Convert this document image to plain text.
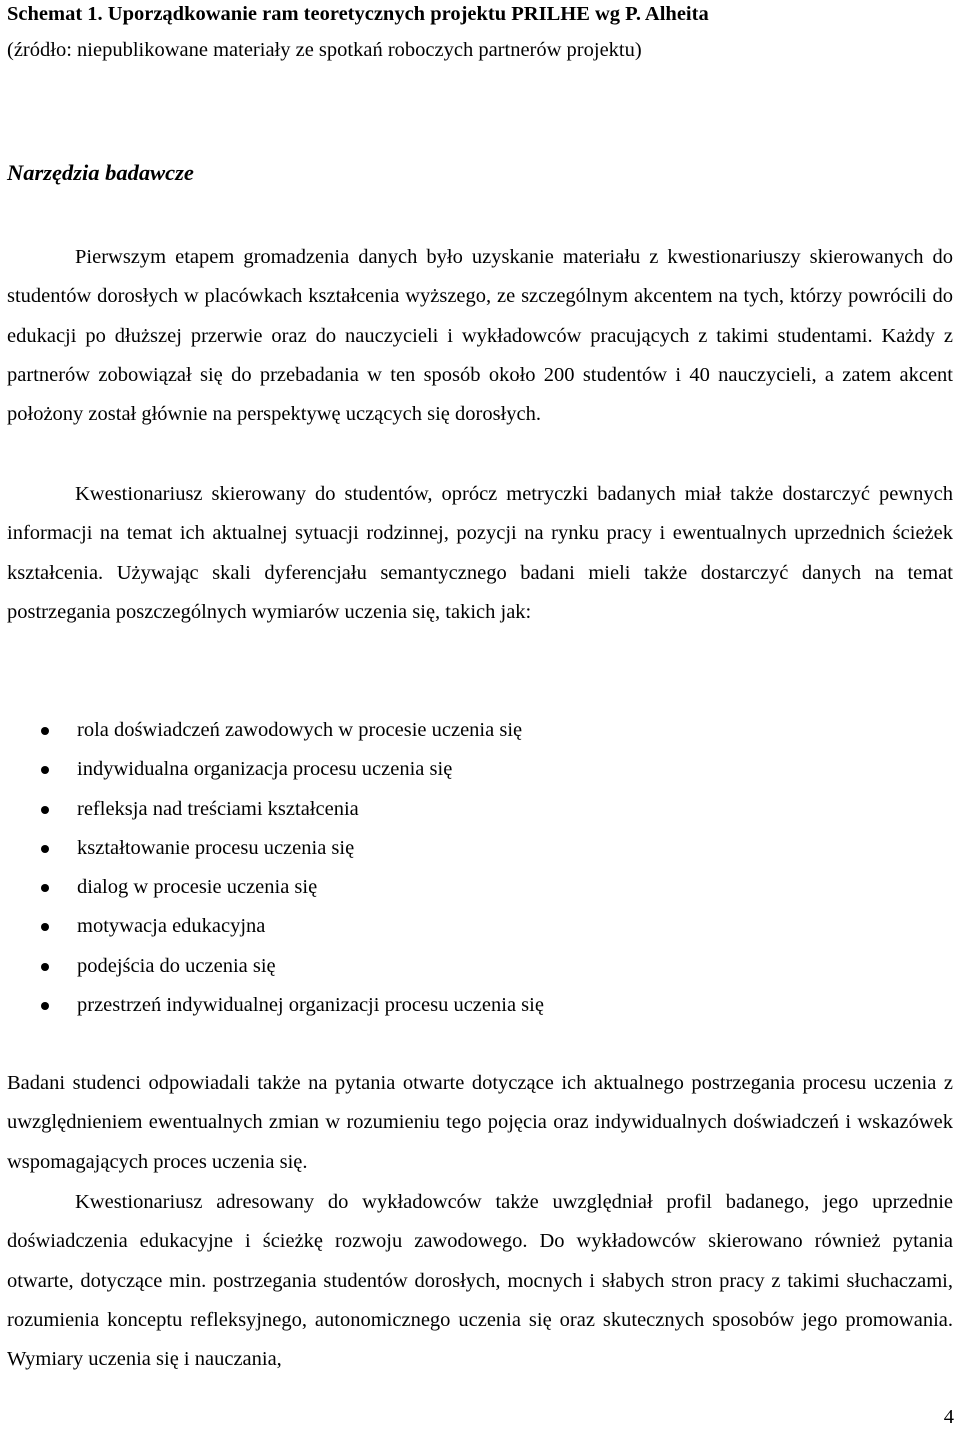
Schemat 1. Uporządkowanie ram teoretycznych projektu PRILHE wg P. Alheita

(źródło: niepublikowane materiały ze spotkań roboczych partnerów projektu)

Narzędzia badawcze

Pierwszym etapem gromadzenia danych było uzyskanie materiału z kwestionariuszy skierowanych do studentów dorosłych w placówkach kształcenia wyższego, ze szczególnym akcentem na tych, którzy powrócili do edukacji po dłuższej przerwie oraz do nauczycieli i wykładowców pracujących z takimi studentami. Każdy z partnerów zobowiązał się do przebadania w ten sposób około 200 studentów i 40 nauczycieli, a zatem akcent położony został głównie na perspektywę uczących się dorosłych.

Kwestionariusz skierowany do studentów, oprócz metryczki badanych miał także dostarczyć pewnych informacji na temat ich aktualnej sytuacji rodzinnej, pozycji na rynku pracy i ewentualnych uprzednich ścieżek kształcenia. Używając skali dyferencjału semantycznego badani mieli także dostarczyć danych na temat postrzegania poszczególnych wymiarów uczenia się, takich jak:

rola doświadczeń zawodowych w procesie uczenia się
indywidualna organizacja procesu uczenia się
refleksja nad treściami kształcenia
kształtowanie procesu uczenia się
dialog w procesie uczenia się
motywacja edukacyjna
podejścia do uczenia się
przestrzeń indywidualnej organizacji procesu uczenia się

Badani studenci odpowiadali także na pytania otwarte dotyczące ich aktualnego postrzegania procesu uczenia z uwzględnieniem ewentualnych zmian w rozumieniu tego pojęcia oraz indywidualnych doświadczeń i wskazówek wspomagających proces uczenia się.

Kwestionariusz adresowany do wykładowców także uwzględniał profil badanego, jego uprzednie doświadczenia edukacyjne i ścieżkę rozwoju zawodowego. Do wykładowców skierowano również pytania otwarte, dotyczące min. postrzegania studentów dorosłych, mocnych i słabych stron pracy z takimi słuchaczami, rozumienia konceptu refleksyjnego, autonomicznego uczenia się oraz skutecznych sposobów jego promowania. Wymiary uczenia się i nauczania,

4
